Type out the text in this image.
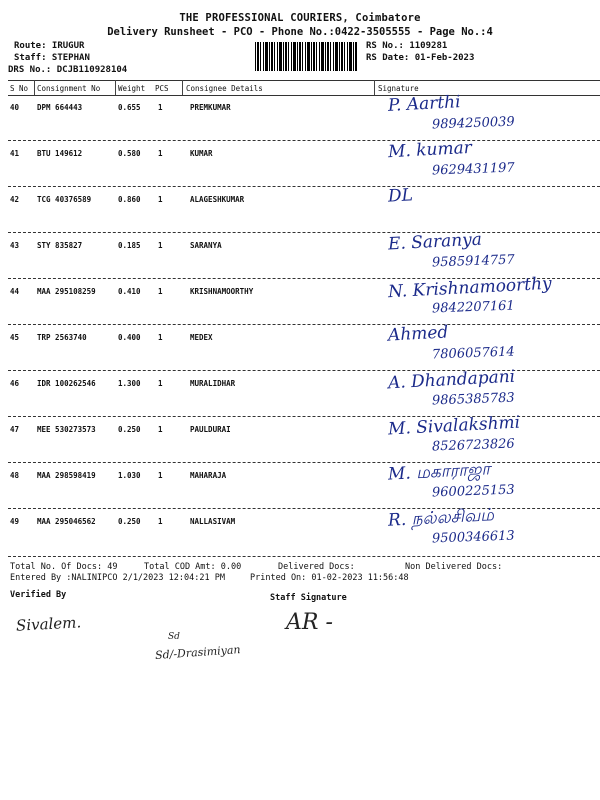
THE PROFESSIONAL COURIERS, Coimbatore
Delivery Runsheet - PCO - Phone No.:0422-3505555 - Page No.:4
Route: IRUGUR
Staff: STEPHAN
DRS No.: DCJB110928104
RS No.: 1109281
RS Date: 01-Feb-2023
S No Consignment No Weight PCS Consignee Details	Signature
40 DPM 664443	0.655 1	PREMKUMAR	P. Aarthi
9894250039
41 BTU 149612	0.580 1	KUMAR	M. kumar
9629431197
42 TCG 40376589	0.860 1	ALAGESHKUMAR	DL
43 STY 835827	0.185 1	SARANYA	E. Saranya
9585914757
44 MAA 295108259	0.410 1	KRISHNAMOORTHY	N. Krishnamoorthy
9842207161
45 TRP 2563740	0.400 1	MEDEX	Ahmed
7806057614
46 IDR 100262546	1.300 1	MURALIDHAR	A. Dhandapani
9865385783
47 MEE 530273573	0.250 1	PAULDURAI	M. Sivalakshmi
8526723826
48 MAA 298598419	1.030 1	MAHARAJA	M. மகாராஜா
9600225153
49 MAA 295046562	0.250 1	NALLASIVAM	R. நல்லசிவம்
9500346613
Total No. Of Docs: 49	Total COD Amt: 0.00	Delivered Docs:	Non Delivered Docs:
Entered By :NALINIPCO 2/1/2023 12:04:21 PM	Printed On: 01-02-2023 11:56:48
Verified By	Staff Signature
Sivalem.
Sd
Sd/-Drasimiyan
AR -
